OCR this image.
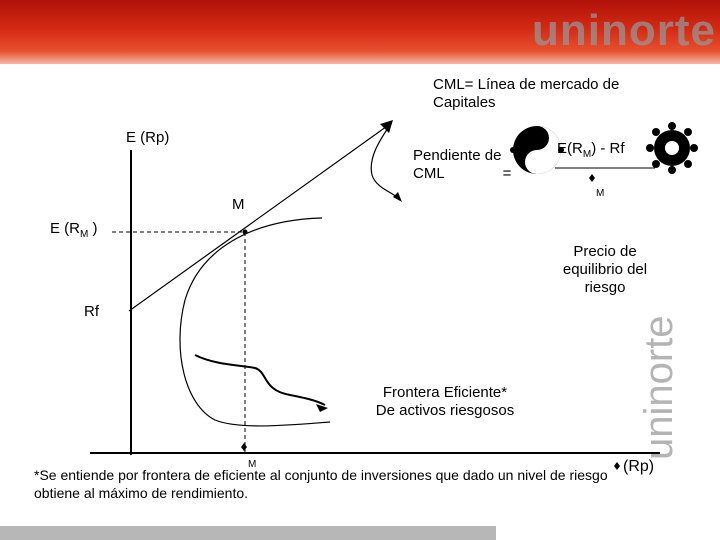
uninorte
uninorte
CML= Línea de mercado de
Capitales
E (Rp)
M
E ($R_M$ )
Rf
Pendiente de
CML	=
$E(R_M)$ - Rf
M
Precio de
equilibrio del
riesgo
Frontera Eficiente*
De activos riesgosos
M	(Rp)
*Se entiende por frontera de eficiente al conjunto de inversiones que dado un nivel de riesgo obtiene al máximo de rendimiento.
